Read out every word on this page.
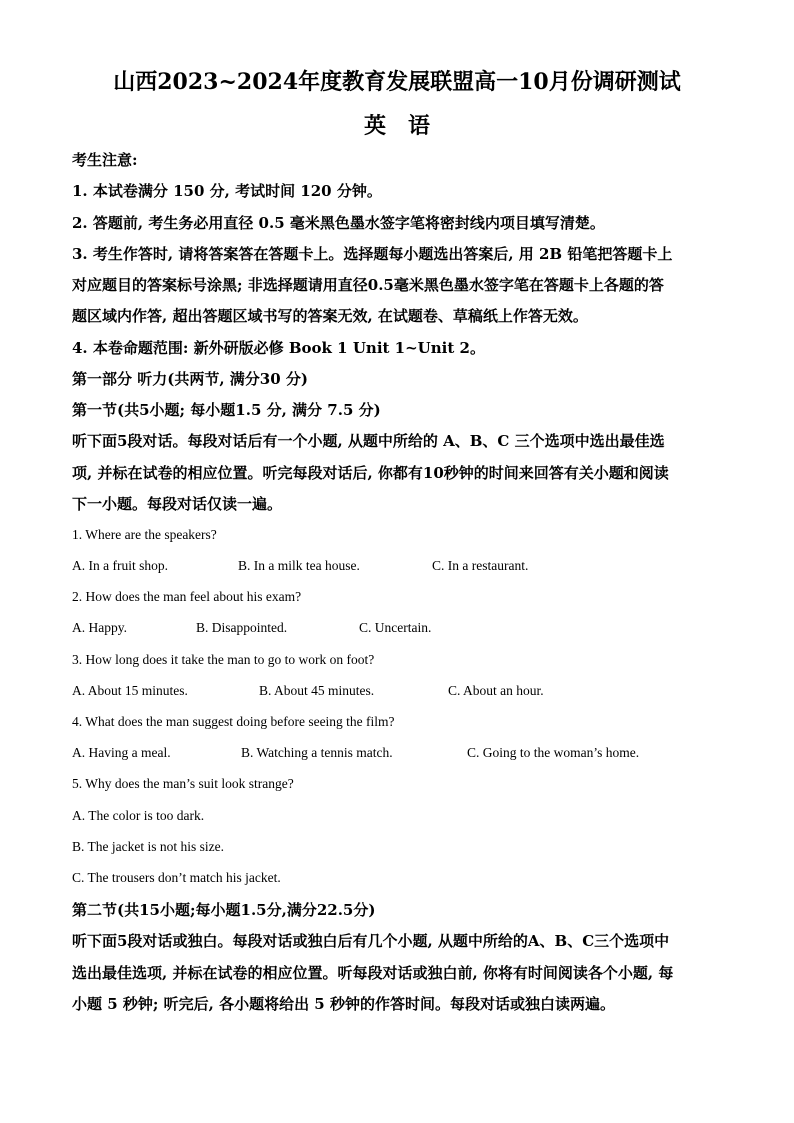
山西2023~2024年度教育发展联盟高一10月份调研测试
英语
考生注意:
1. 本试卷满分 150 分, 考试时间 120 分钟。
2. 答题前, 考生务必用直径 0.5 毫米黑色墨水签字笔将密封线内项目填写清楚。
3. 考生作答时, 请将答案答在答题卡上。选择题每小题选出答案后, 用 2B 铅笔把答题卡上
对应题目的答案标号涂黑; 非选择题请用直径0.5毫米黑色墨水签字笔在答题卡上各题的答
题区域内作答, 超出答题区域书写的答案无效, 在试题卷、草稿纸上作答无效。
4. 本卷命题范围: 新外研版必修 Book 1 Unit 1~Unit 2。
第一部分 听力(共两节, 满分30 分)
第一节(共5小题; 每小题1.5 分, 满分 7.5 分)
听下面5段对话。每段对话后有一个小题, 从题中所给的 A、B、C 三个选项中选出最佳选
项, 并标在试卷的相应位置。听完每段对话后, 你都有10秒钟的时间来回答有关小题和阅读
下一小题。每段对话仅读一遍。
1. Where are the speakers?
A. In a fruit shop.	B. In a milk tea house.	C. In a restaurant.
2. How does the man feel about his exam?
A. Happy.	B. Disappointed.	C. Uncertain.
3. How long does it take the man to go to work on foot?
A. About 15 minutes.	B. About 45 minutes.	C. About an hour.
4. What does the man suggest doing before seeing the film?
A. Having a meal.	B. Watching a tennis match.	C. Going to the woman’s home.
5. Why does the man’s suit look strange?
A. The color is too dark.
B. The jacket is not his size.
C. The trousers don’t match his jacket.
第二节(共15小题;每小题1.5分,满分22.5分)
听下面5段对话或独白。每段对话或独白后有几个小题, 从题中所给的A、B、C三个选项中
选出最佳选项, 并标在试卷的相应位置。听每段对话或独白前, 你将有时间阅读各个小题, 每
小题 5 秒钟; 听完后, 各小题将给出 5 秒钟的作答时间。每段对话或独白读两遍。
